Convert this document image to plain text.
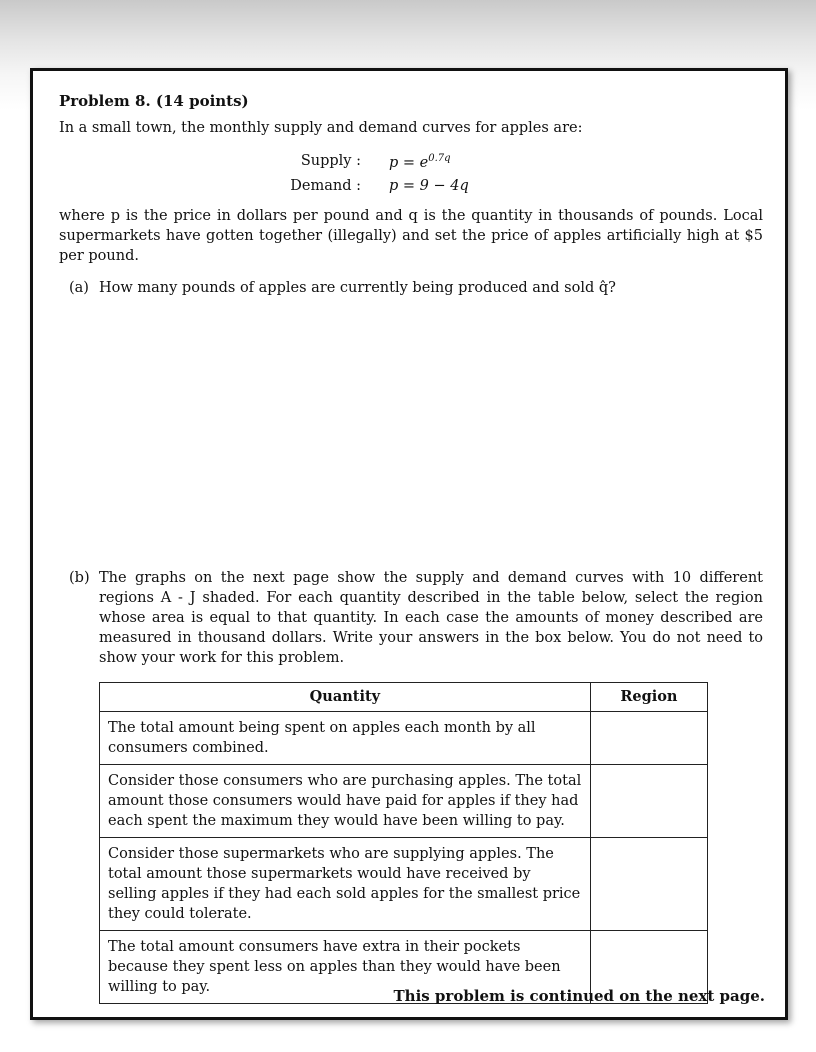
Problem 8. (14 points)

In a small town, the monthly supply and demand curves for apples are:

Supply :	$p = e^{0.7q}$
Demand :	p = 9 − 4q

where p is the price in dollars per pound and q is the quantity in thousands of pounds. Local supermarkets have gotten together (illegally) and set the price of apples artificially high at $5 per pound.

(a) How many pounds of apples are currently being produced and sold q̂?
(b) The graphs on the next page show the supply and demand curves with 10 different regions A - J shaded. For each quantity described in the table below, select the region whose area is equal to that quantity. In each case the amounts of money described are measured in thousand dollars. Write your answers in the box below. You do not need to show your work for this problem.
Quantity	Region
The total amount being spent on apples each month by all consumers combined.	
Consider those consumers who are purchasing apples. The total amount those consumers would have paid for apples if they had each spent the maximum they would have been willing to pay.	
Consider those supermarkets who are supplying apples. The total amount those supermarkets would have received by selling apples if they had each sold apples for the smallest price they could tolerate.	
The total amount consumers have extra in their pockets because they spent less on apples than they would have been willing to pay.		This problem is continued on the next page.
